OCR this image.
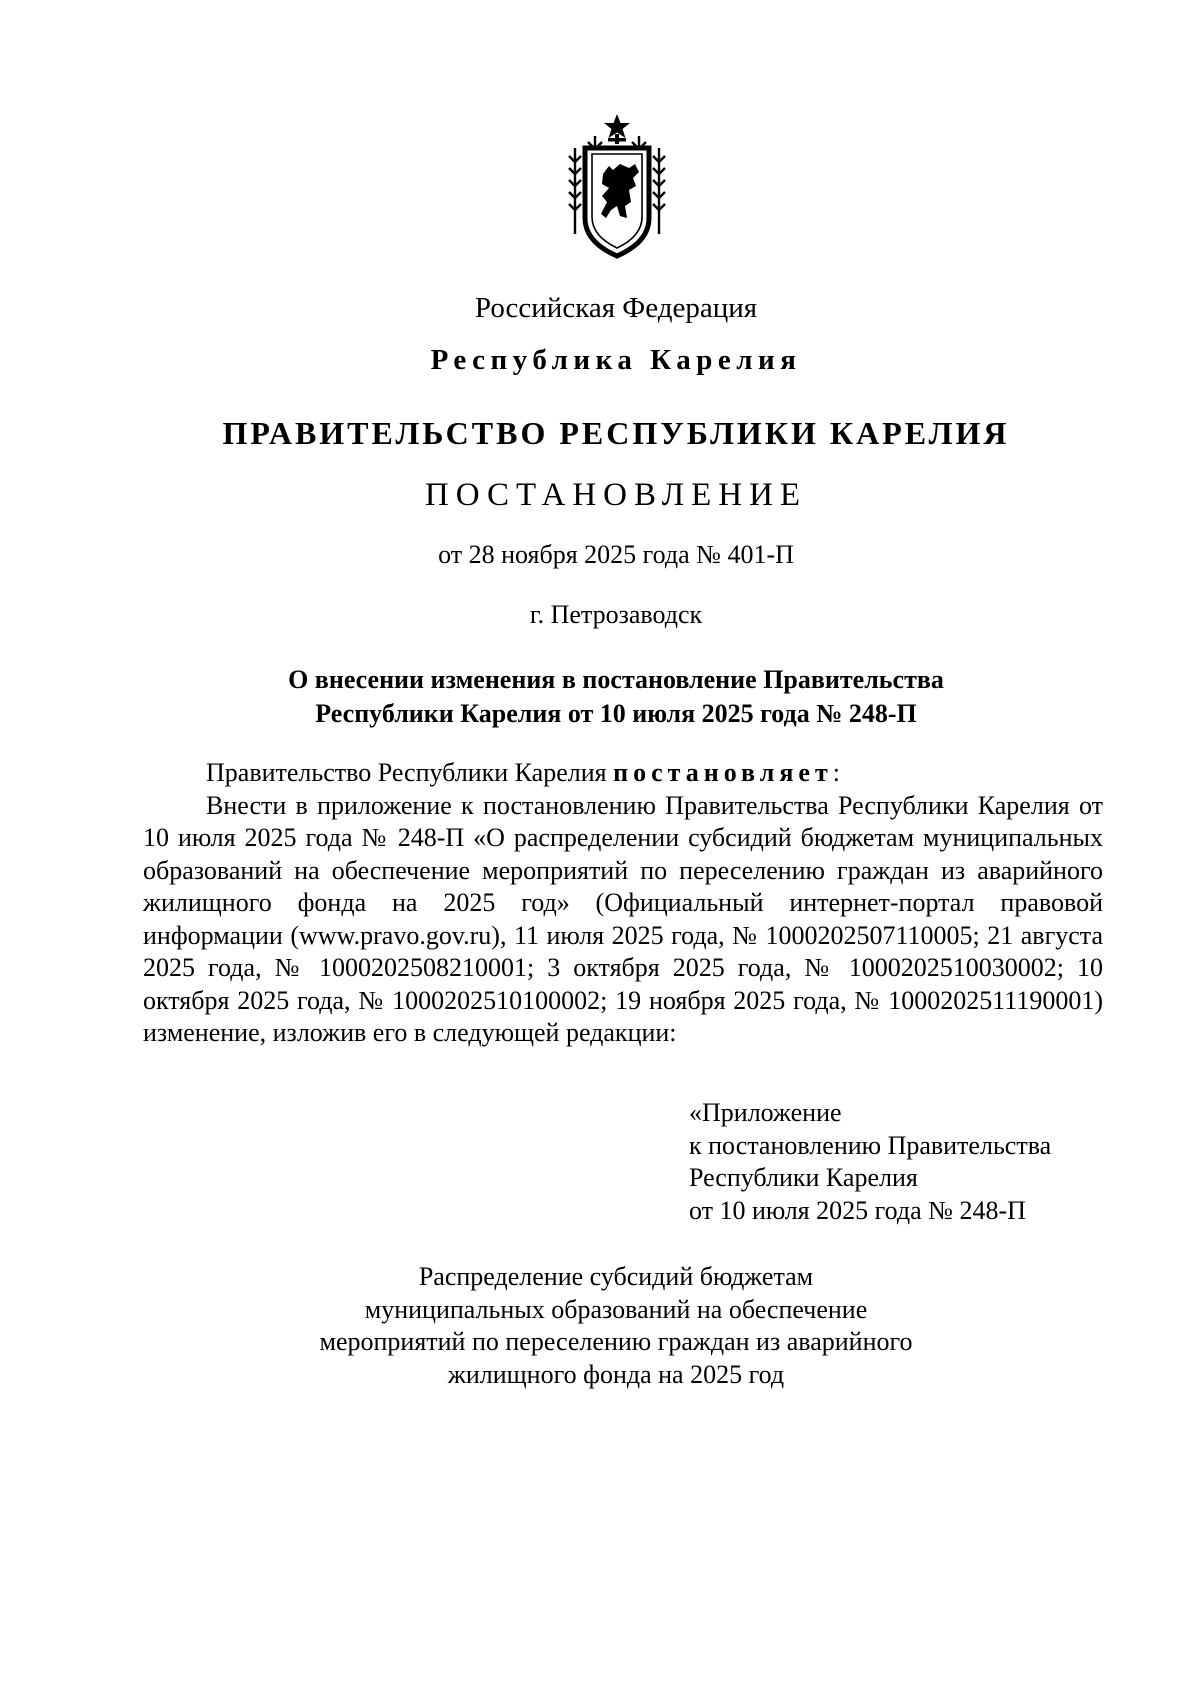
Российская Федерация
Республика Карелия
ПРАВИТЕЛЬСТВО РЕСПУБЛИКИ КАРЕЛИЯ
ПОСТАНОВЛЕНИЕ
от 28 ноября 2025 года № 401-П
г. Петрозаводск
О внесении изменения в постановление Правительства
Республики Карелия от 10 июля 2025 года № 248-П
Правительство Республики Карелия постановляет:
Внести в приложение к постановлению Правительства Республики Карелия от 10 июля 2025 года № 248-П «О распределении субсидий бюджетам муниципальных образований на обеспечение мероприятий по переселению граждан из аварийного жилищного фонда на 2025 год» (Официальный интернет-портал правовой информации (www.pravo.gov.ru), 11 июля 2025 года, № 1000202507110005; 21 августа 2025 года, № 1000202508210001; 3 октября 2025 года, № 1000202510030002; 10 октября 2025 года, № 1000202510100002; 19 ноября 2025 года, № 1000202511190001) изменение, изложив его в следующей редакции:
«Приложение
к постановлению Правительства
Республики Карелия
от 10 июля 2025 года № 248-П
Распределение субсидий бюджетам
муниципальных образований на обеспечение
мероприятий по переселению граждан из аварийного
жилищного фонда на 2025 год
